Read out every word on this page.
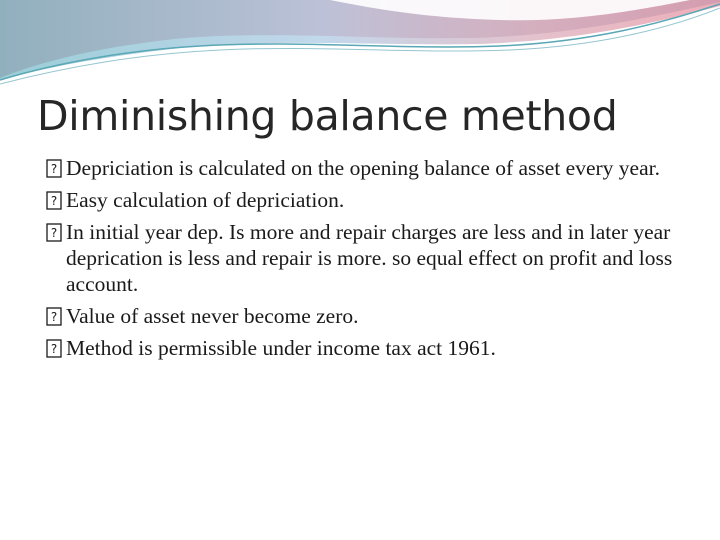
Diminishing balance method
? Depriciation is calculated on the opening balance of asset every year.
? Easy calculation of depriciation.
? In initial year dep. Is more and repair charges are less and in later year deprication is less and repair is more. so equal effect on profit and loss account.
? Value of asset never become zero.
? Method is permissible under income tax act 1961.
